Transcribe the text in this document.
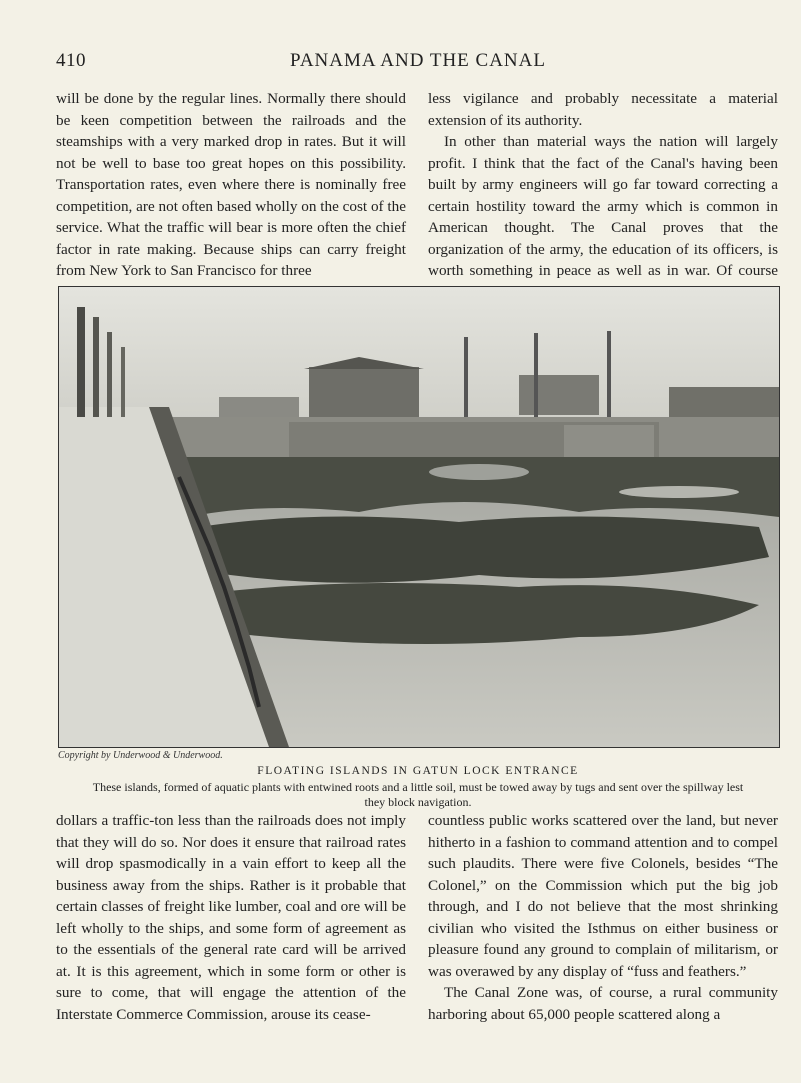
410	PANAMA AND THE CANAL

will be done by the regular lines. Normally there should be keen competition between the railroads and the steamships with a very marked drop in rates. But it will not be well to base too great hopes on this possibility. Transportation rates, even where there is nominally free competition, are not often based wholly on the cost of the service. What the traffic will bear is more often the chief factor in rate making. Because ships can carry freight from New York to San Francisco for three

less vigilance and probably necessitate a material extension of its authority.

In other than material ways the nation will largely profit. I think that the fact of the Canal's having been built by army engineers will go far toward correcting a certain hostility toward the army which is common in American thought. The Canal proves that the organization of the army, the education of its officers, is worth something in peace as well as in war. Of course

Copyright by Underwood & Underwood.
FLOATING ISLANDS IN GATUN LOCK ENTRANCE
These islands, formed of aquatic plants with entwined roots and a little soil, must be towed away by tugs and sent over the spillway lest they block navigation.

dollars a traffic-ton less than the railroads does not imply that they will do so. Nor does it ensure that railroad rates will drop spasmodically in a vain effort to keep all the business away from the ships. Rather is it probable that certain classes of freight like lumber, coal and ore will be left wholly to the ships, and some form of agreement as to the essentials of the general rate card will be arrived at. It is this agreement, which in some form or other is sure to come, that will engage the attention of the Interstate Commerce Commission, arouse its cease-

countless public works scattered over the land, but never hitherto in a fashion to command attention and to compel such plaudits. There were five Colonels, besides “The Colonel,” on the Commission which put the big job through, and I do not believe that the most shrinking civilian who visited the Isthmus on either business or pleasure found any ground to complain of militarism, or was overawed by any display of “fuss and feathers.”

The Canal Zone was, of course, a rural community harboring about 65,000 people scattered along a
